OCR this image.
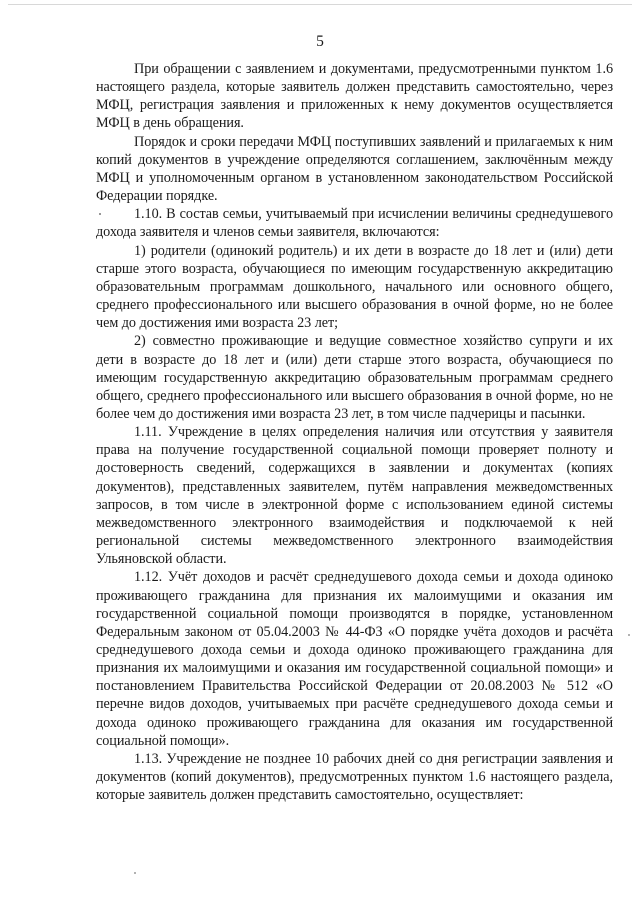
5

При обращении с заявлением и документами, предусмотренными пунктом 1.6 настоящего раздела, которые заявитель должен представить самостоятельно, через МФЦ, регистрация заявления и приложенных к нему документов осуществляется МФЦ в день обращения.

Порядок и сроки передачи МФЦ поступивших заявлений и прилагаемых к ним копий документов в учреждение определяются соглашением, заключённым между МФЦ и уполномоченным органом в установленном законодательством Российской Федерации порядке.

1.10. В состав семьи, учитываемый при исчислении величины среднедушевого дохода заявителя и членов семьи заявителя, включаются:

1) родители (одинокий родитель) и их дети в возрасте до 18 лет и (или) дети старше этого возраста, обучающиеся по имеющим государственную аккредитацию образовательным программам дошкольного, начального или основного общего, среднего профессионального или высшего образования в очной форме, но не более чем до достижения ими возраста 23 лет;

2) совместно проживающие и ведущие совместное хозяйство супруги и их дети в возрасте до 18 лет и (или) дети старше этого возраста, обучающиеся по имеющим государственную аккредитацию образовательным программам среднего общего, среднего профессионального или высшего образования в очной форме, но не более чем до достижения ими возраста 23 лет, в том числе падчерицы и пасынки.

1.11. Учреждение в целях определения наличия или отсутствия у заявителя права на получение государственной социальной помощи проверяет полноту и достоверность сведений, содержащихся в заявлении и документах (копиях документов), представленных заявителем, путём направления межведомственных запросов, в том числе в электронной форме с использованием единой системы межведомственного электронного взаимодействия и подключаемой к ней региональной системы межведомственного электронного взаимодействия Ульяновской области.

1.12. Учёт доходов и расчёт среднедушевого дохода семьи и дохода одиноко проживающего гражданина для признания их малоимущими и оказания им государственной социальной помощи производятся в порядке, установленном Федеральным законом от 05.04.2003 № 44-ФЗ «О порядке учёта доходов и расчёта среднедушевого дохода семьи и дохода одиноко проживающего гражданина для признания их малоимущими и оказания им государственной социальной помощи» и постановлением Правительства Российской Федерации от 20.08.2003 № 512 «О перечне видов доходов, учитываемых при расчёте среднедушевого дохода семьи и дохода одиноко проживающего гражданина для оказания им государственной социальной помощи».

1.13. Учреждение не позднее 10 рабочих дней со дня регистрации заявления и документов (копий документов), предусмотренных пунктом 1.6 настоящего раздела, которые заявитель должен представить самостоятельно, осуществляет:
